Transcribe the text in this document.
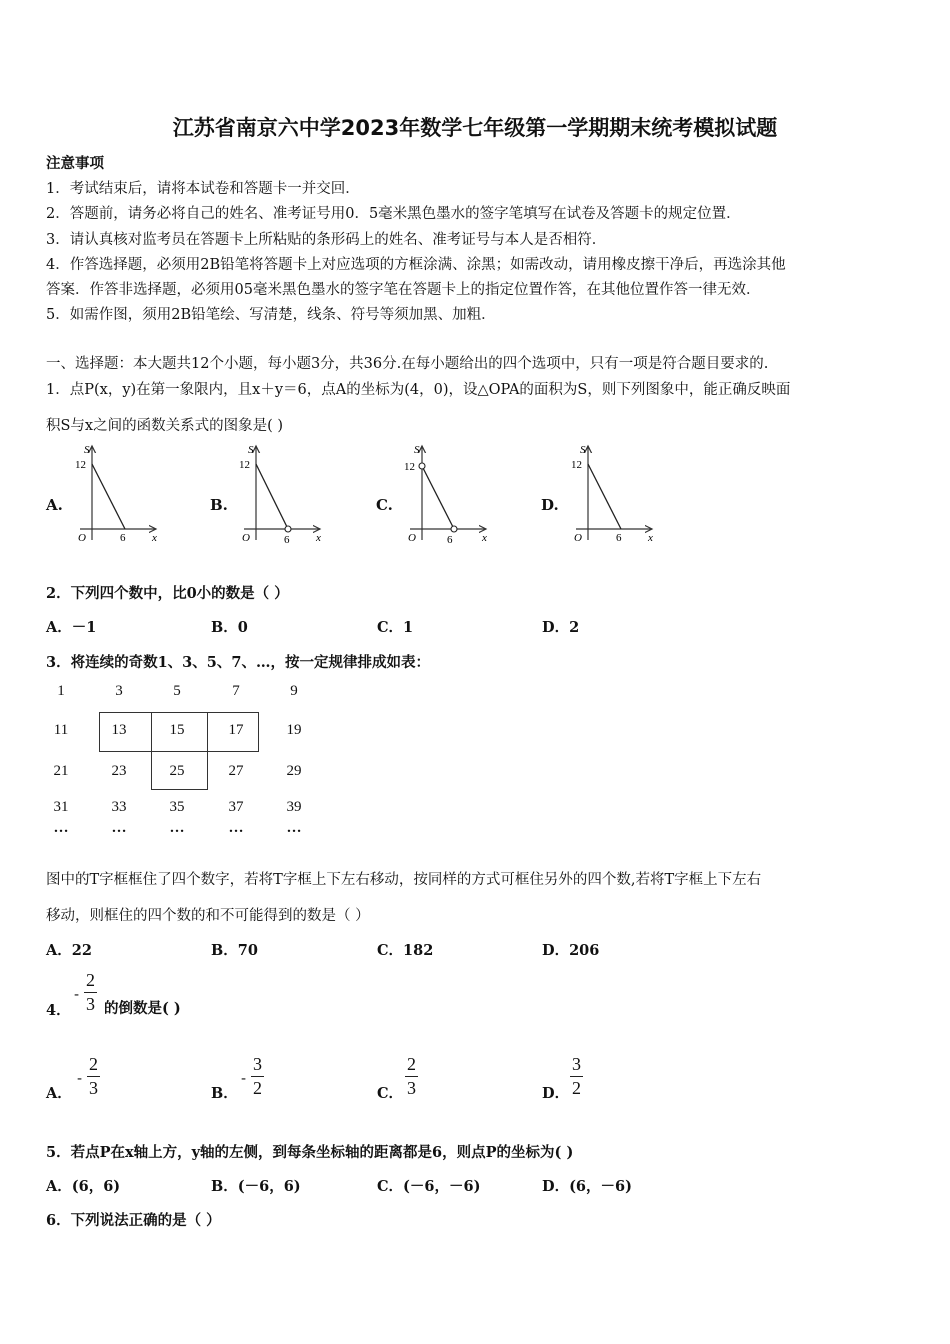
江苏省南京六中学2023年数学七年级第一学期期末统考模拟试题
注意事项
1．考试结束后，请将本试卷和答题卡一并交回．
2．答题前，请务必将自己的姓名、准考证号用0．5毫米黑色墨水的签字笔填写在试卷及答题卡的规定位置．
3．请认真核对监考员在答题卡上所粘贴的条形码上的姓名、准考证号与本人是否相符．
4．作答选择题，必须用2B铅笔将答题卡上对应选项的方框涂满、涂黑；如需改动，请用橡皮擦干净后，再选涂其他
答案．作答非选择题，必须用05毫米黑色墨水的签字笔在答题卡上的指定位置作答，在其他位置作答一律无效．
5．如需作图，须用2B铅笔绘、写清楚，线条、符号等须加黑、加粗．
一、选择题：本大题共12个小题，每小题3分，共36分.在每小题给出的四个选项中，只有一项是符合题目要求的.
1．点P(x，y)在第一象限内，且x＋y＝6，点A的坐标为(4，0)，设△OPA的面积为S，则下列图象中，能正确反映面
积S与x之间的函数关系式的图象是( )
A.	B.	C.	D.
S
12
O	6 x
S
12
O	6 x
S
12
O	6	x
S
12
O	6 x
2．下列四个数中，比0小的数是（ ）
A．－1	B．0	C．1	D．2
3．将连续的奇数1、3、5、7、…，按一定规律排成如表：
1	3	5	7	9
11	13	15	17	19
21	23	25	27	29
31	33	35	37	39
…	…	…	…	…
图中的T字框框住了四个数字，若将T字框上下左右移动，按同样的方式可框住另外的四个数,若将T字框上下左右
移动，则框住的四个数的和不可能得到的数是（ ）
A．22	B．70	C．182	D．206
4．
-
2
3 的倒数是( )
A．
-
2
3	B．
-
3
2	C．
2
3	D．
3
2
5．若点P在x轴上方，y轴的左侧，到每条坐标轴的距离都是6，则点P的坐标为( )
A．(6，6)	B．(－6，6)	C．(－6，－6)	D．(6，－6)
6．下列说法正确的是（ ）
